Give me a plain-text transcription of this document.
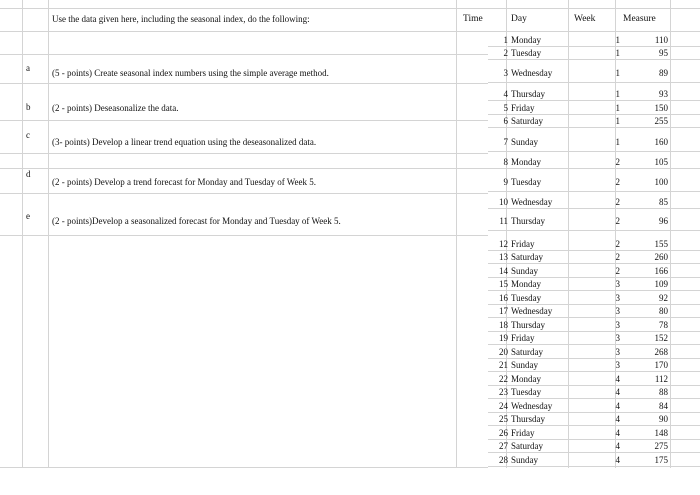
Use the data given here, including the seasonal index, do the following:	Time	Day	Week	Measure
a (5 - points) Create seasonal index numbers using the simple average method.
b (2 - points) Deseasonalize the data.
c
(3- points) Develop a linear trend equation using the deseasonalized data.
d
(2 - points) Develop a trend forecast for Monday and Tuesday of Week 5.
e (2 - points)Develop a seasonalized forecast for Monday and Tuesday of Week 5.
1 Monday	1	110
2 Tuesday	1	95
3 Wednesday	1	89
4 Thursday	1	93
5 Friday	1	150
6 Saturday	1	255
7 Sunday	1	160
8 Monday	2	105
9 Tuesday	2	100
10 Wednesday	2	85
11 Thursday	2	96
12 Friday	2	155
13 Saturday	2	260
14 Sunday	2	166
15 Monday	3	109
16 Tuesday	3	92
17 Wednesday	3	80
18 Thursday	3	78
19 Friday	3	152
20 Saturday	3	268
21 Sunday	3	170
22 Monday	4	112
23 Tuesday	4	88
24 Wednesday	4	84
25 Thursday	4	90
26 Friday	4	148
27 Saturday	4	275
28 Sunday	4	175
